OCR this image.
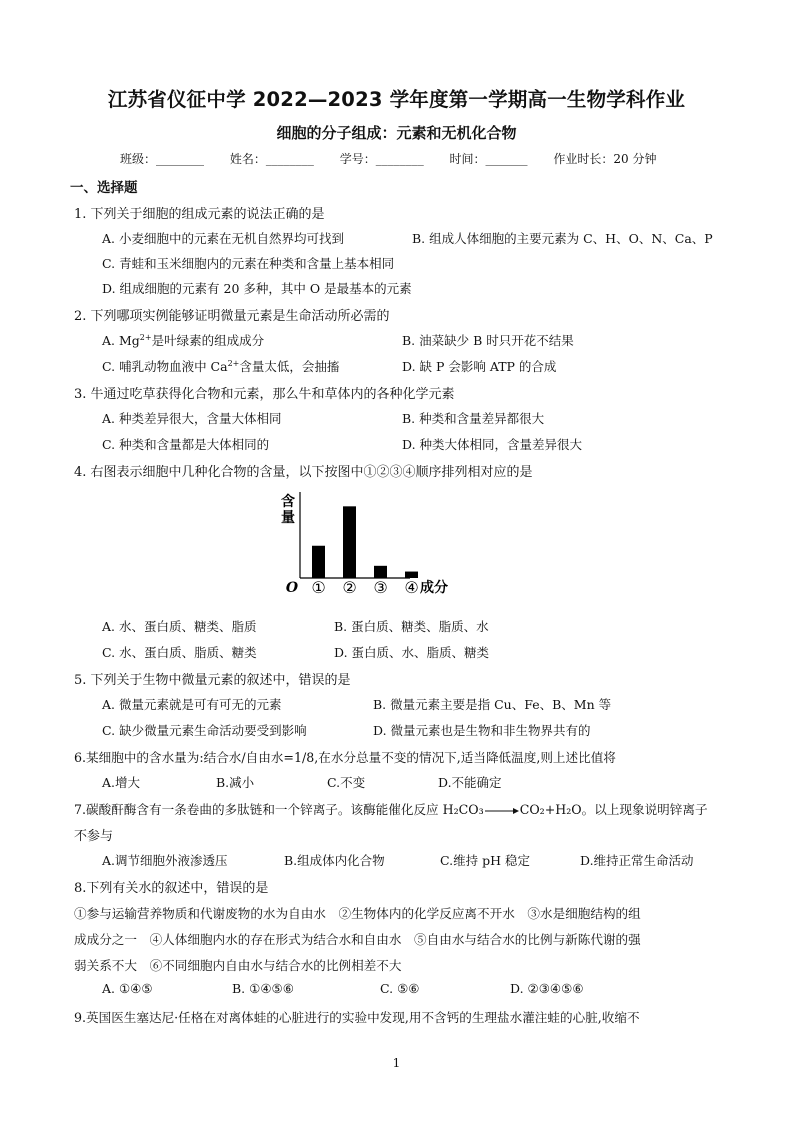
江苏省仪征中学 2022—2023 学年度第一学期高一生物学科作业
细胞的分子组成：元素和无机化合物
班级：________ 姓名：________ 学号：________ 时间：_______ 作业时长：20 分钟
一、选择题
1. 下列关于细胞的组成元素的说法正确的是
A. 小麦细胞中的元素在无机自然界均可找到	B. 组成人体细胞的主要元素为 C、H、O、N、Ca、P
C. 青蛙和玉米细胞内的元素在种类和含量上基本相同
D. 组成细胞的元素有 20 多种，其中 O 是最基本的元素
2. 下列哪项实例能够证明微量元素是生命活动所必需的
A. $Mg^{2+}$是叶绿素的组成成分	B. 油菜缺少 B 时只开花不结果
C. 哺乳动物血液中 $Ca^{2+}$含量太低，会抽搐	D. 缺 P 会影响 ATP 的合成
3. 牛通过吃草获得化合物和元素，那么牛和草体内的各种化学元素
A. 种类差异很大，含量大体相同	B. 种类和含量差异都很大
C. 种类和含量都是大体相同的	D. 种类大体相同，含量差异很大
4. 右图表示细胞中几种化合物的含量，以下按图中①②③④顺序排列相对应的是
含
量
O ① ② ③ ④ 成分
A. 水、蛋白质、糖类、脂质	B. 蛋白质、糖类、脂质、水
C. 水、蛋白质、脂质、糖类	D. 蛋白质、水、脂质、糖类
5. 下列关于生物中微量元素的叙述中，错误的是
A. 微量元素就是可有可无的元素	B. 微量元素主要是指 Cu、Fe、B、Mn 等
C. 缺少微量元素生命活动要受到影响	D. 微量元素也是生物和非生物界共有的
6.某细胞中的含水量为:结合水/自由水=1/8,在水分总量不变的情况下,适当降低温度,则上述比值将
A.增大	B.减小	C.不变	D.不能确定
7.碳酸酐酶含有一条卷曲的多肽链和一个锌离子。该酶能催化反应 H₂CO₃→CO₂+H₂O。以上现象说明锌离子
不参与
A.调节细胞外液渗透压	B.组成体内化合物	C.维持 pH 稳定	D.维持正常生命活动
8.下列有关水的叙述中，错误的是
①参与运输营养物质和代谢废物的水为自由水　②生物体内的化学反应离不开水　③水是细胞结构的组
成成分之一　④人体细胞内水的存在形式为结合水和自由水　⑤自由水与结合水的比例与新陈代谢的强
弱关系不大　⑥不同细胞内自由水与结合水的比例相差不大
A. ①④⑤	B. ①④⑤⑥	C. ⑤⑥	D. ②③④⑤⑥
9.英国医生塞达尼·任格在对离体蛙的心脏进行的实验中发现,用不含钙的生理盐水灌注蛙的心脏,收缩不
1
